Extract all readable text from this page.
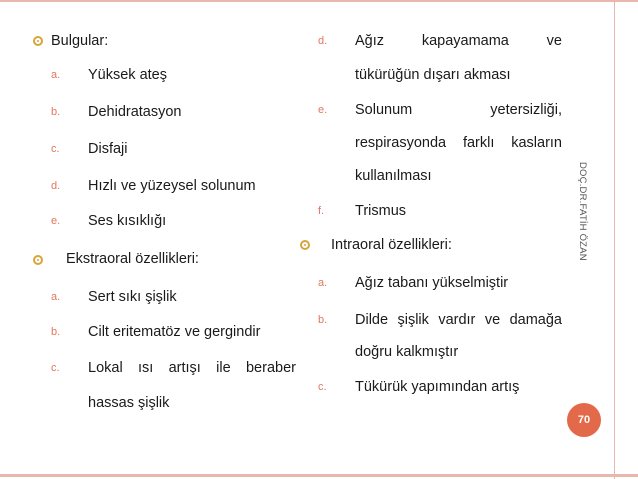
Bulgular:
a. Yüksek ateş
b. Dehidratasyon
c. Disfaji
d. Hızlı ve yüzeysel solunum
e. Ses kısıklığı
Ekstraoral özellikleri:
a. Sert sıkı şişlik
b. Cilt eritematöz ve gergindir
c. Lokal ısı artışı ile beraber
hassas şişlik
d. Ağız	kapayamama	ve
tükürüğün dışarı akması
e. Solunum	yetersizliği,
respirasyonda farklı kasların
kullanılması
f. Trismus
Intraoral özellikleri:
a. Ağız tabanı yükselmiştir
b. Dilde şişlik vardır ve damağa
doğru kalkmıştır
c. Tükürük yapımından artış
DOÇ.DR.FATİH ÖZAN
70
